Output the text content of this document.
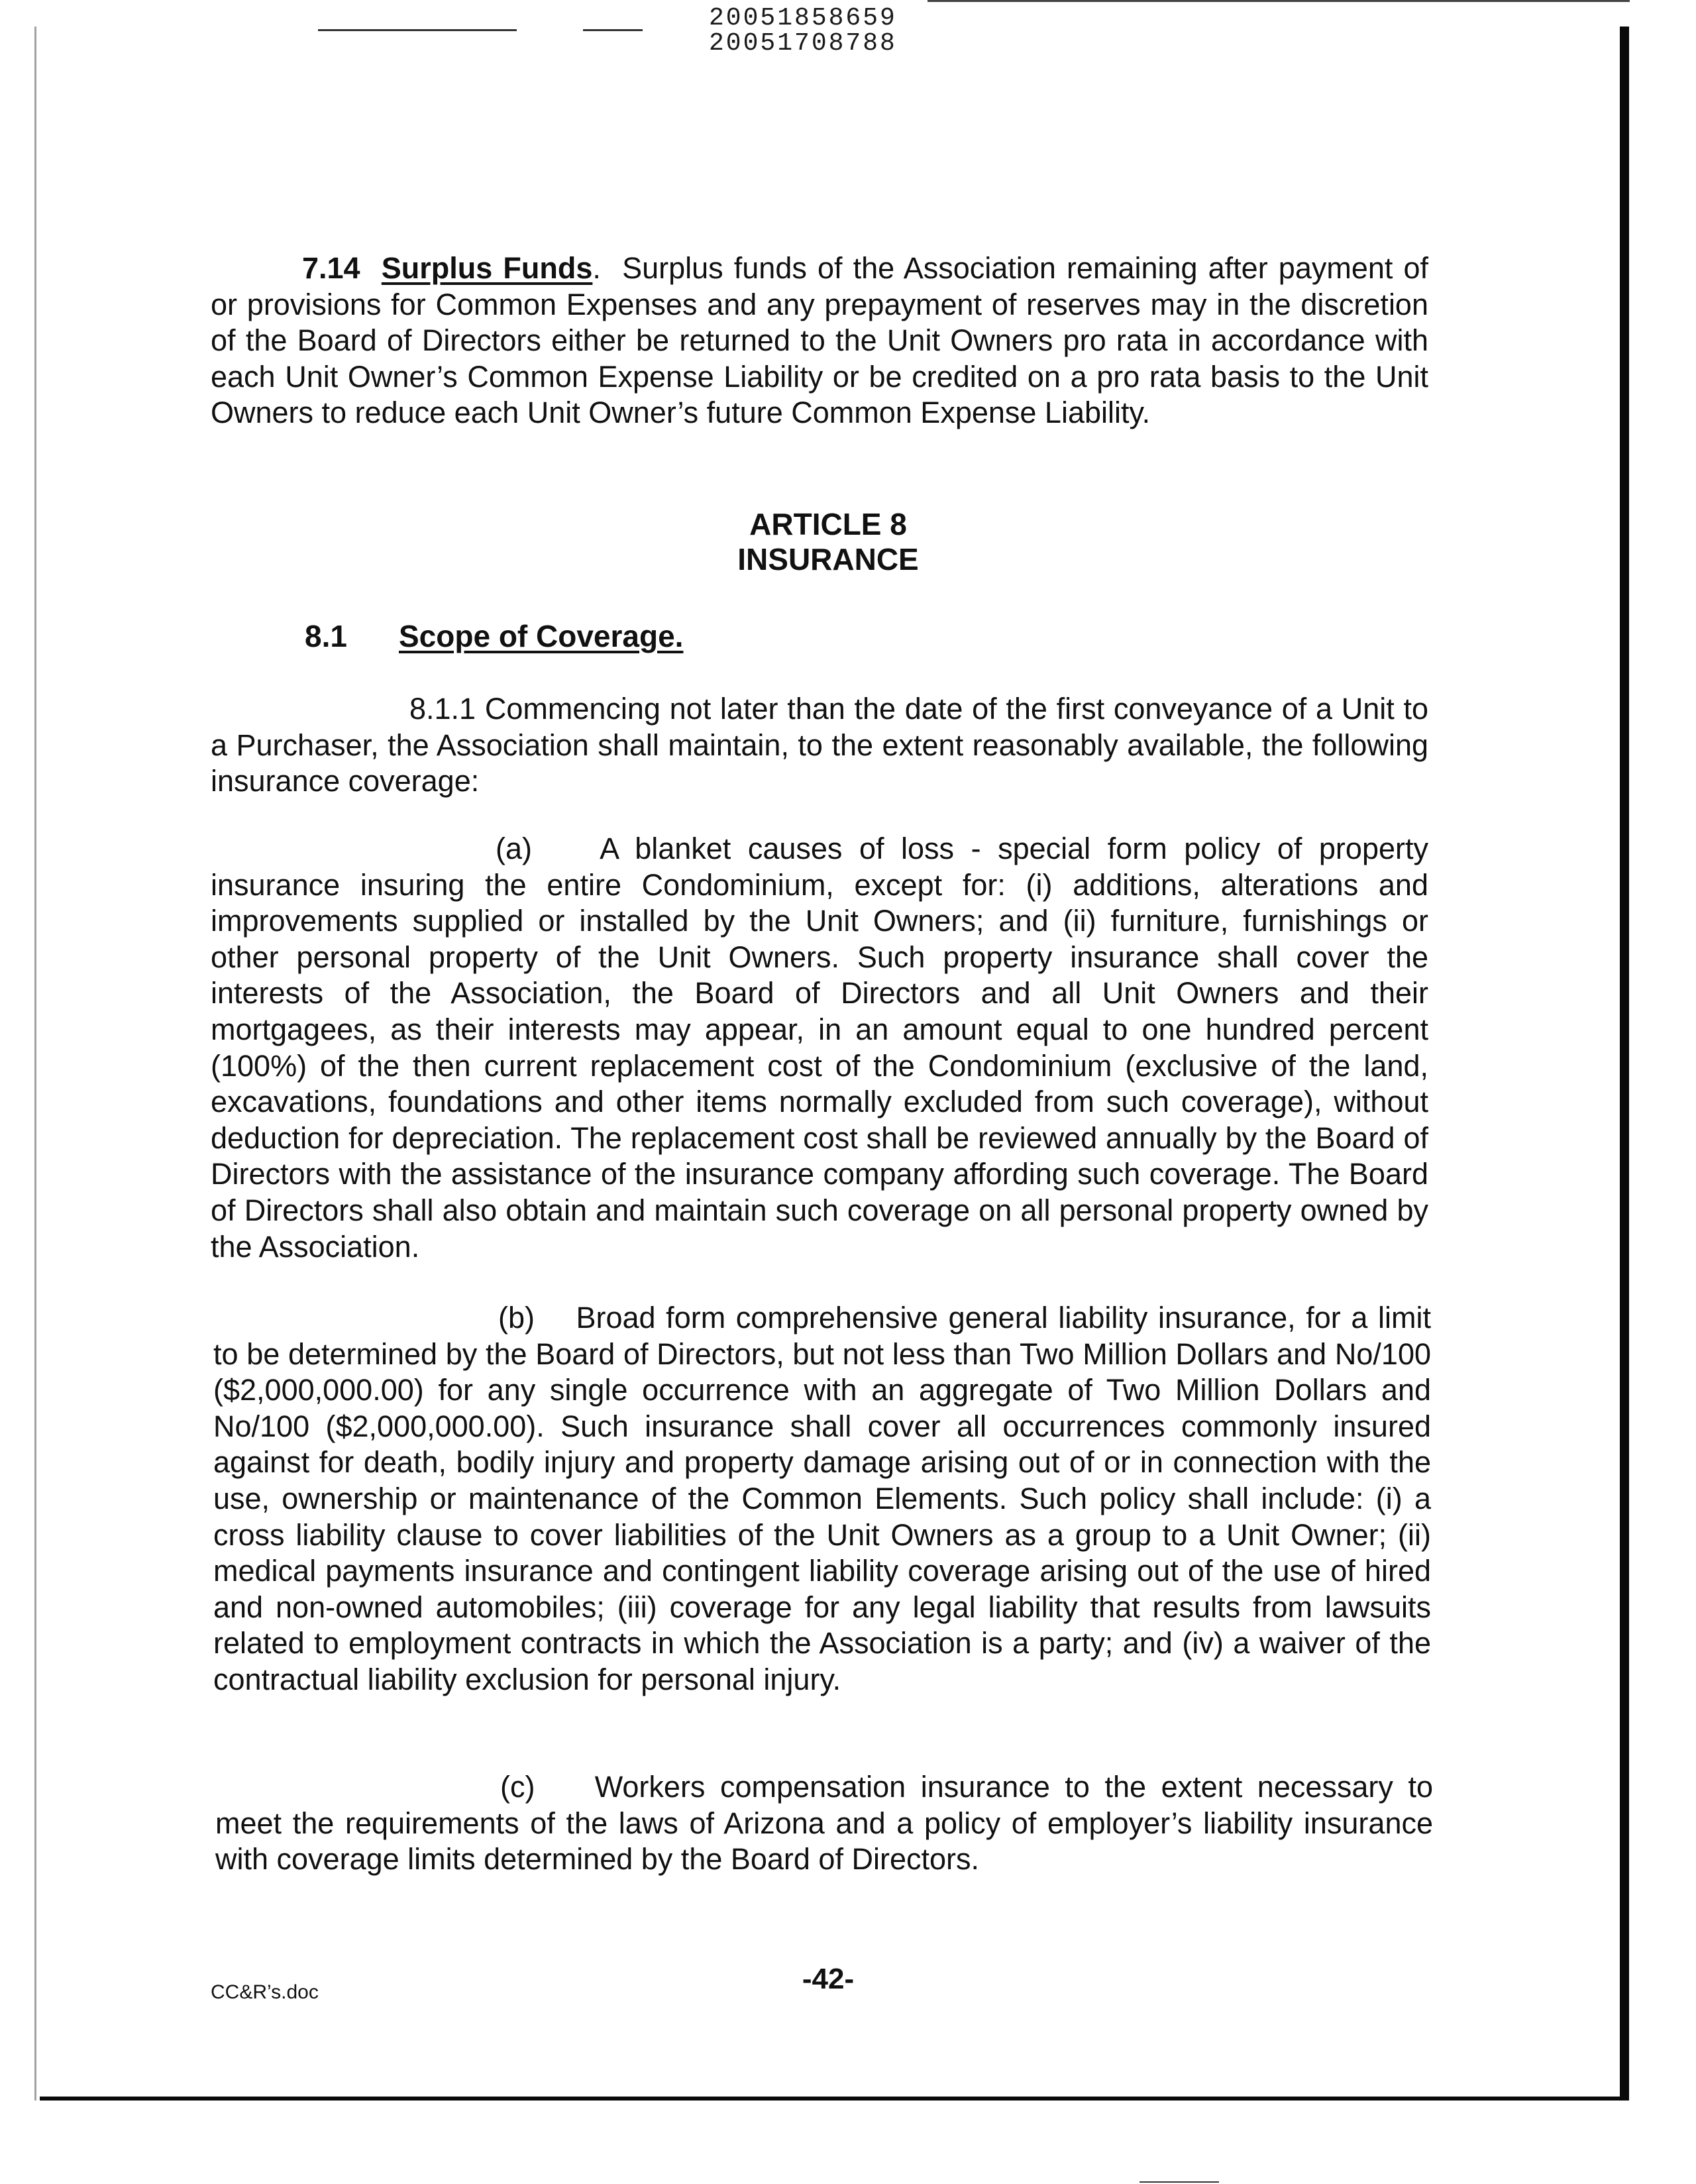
20051858659
20051708788
7.14 Surplus Funds.  Surplus funds of the Association remaining after payment of or provisions for Common Expenses and any prepayment of reserves may in the discretion of the Board of Directors either be returned to the Unit Owners pro rata in accordance with each Unit Owner’s Common Expense Liability or be credited on a pro rata basis to the Unit Owners to reduce each Unit Owner’s future Common Expense Liability.
ARTICLE 8
INSURANCE
8.1 Scope of Coverage.
8.1.1 Commencing not later than the date of the first conveyance of a Unit to a Purchaser, the Association shall maintain, to the extent reasonably available, the following insurance coverage:
(a) A blanket causes of loss - special form policy of property insurance insuring the entire Condominium, except for: (i) additions, alterations and improvements supplied or installed by the Unit Owners; and (ii) furniture, furnishings or other personal property of the Unit Owners. Such property insurance shall cover the interests of the Association, the Board of Directors and all Unit Owners and their mortgagees, as their interests may appear, in an amount equal to one hundred percent (100%) of the then current replacement cost of the Condominium (exclusive of the land, excavations, foundations and other items normally excluded from such coverage), without deduction for depreciation. The replacement cost shall be reviewed annually by the Board of Directors with the assistance of the insurance company affording such coverage. The Board of Directors shall also obtain and maintain such coverage on all personal property owned by the Association.
(b) Broad form comprehensive general liability insurance, for a limit to be determined by the Board of Directors, but not less than Two Million Dollars and No/100 ($2,000,000.00) for any single occurrence with an aggregate of Two Million Dollars and No/100 ($2,000,000.00). Such insurance shall cover all occurrences commonly insured against for death, bodily injury and property damage arising out of or in connection with the use, ownership or maintenance of the Common Elements. Such policy shall include: (i) a cross liability clause to cover liabilities of the Unit Owners as a group to a Unit Owner; (ii) medical payments insurance and contingent liability coverage arising out of the use of hired and non-owned automobiles; (iii) coverage for any legal liability that results from lawsuits related to employment contracts in which the Association is a party; and (iv) a waiver of the contractual liability exclusion for personal injury.
(c) Workers compensation insurance to the extent necessary to meet the requirements of the laws of Arizona and a policy of employer’s liability insurance with coverage limits determined by the Board of Directors.
CC&R’s.doc	-42-
